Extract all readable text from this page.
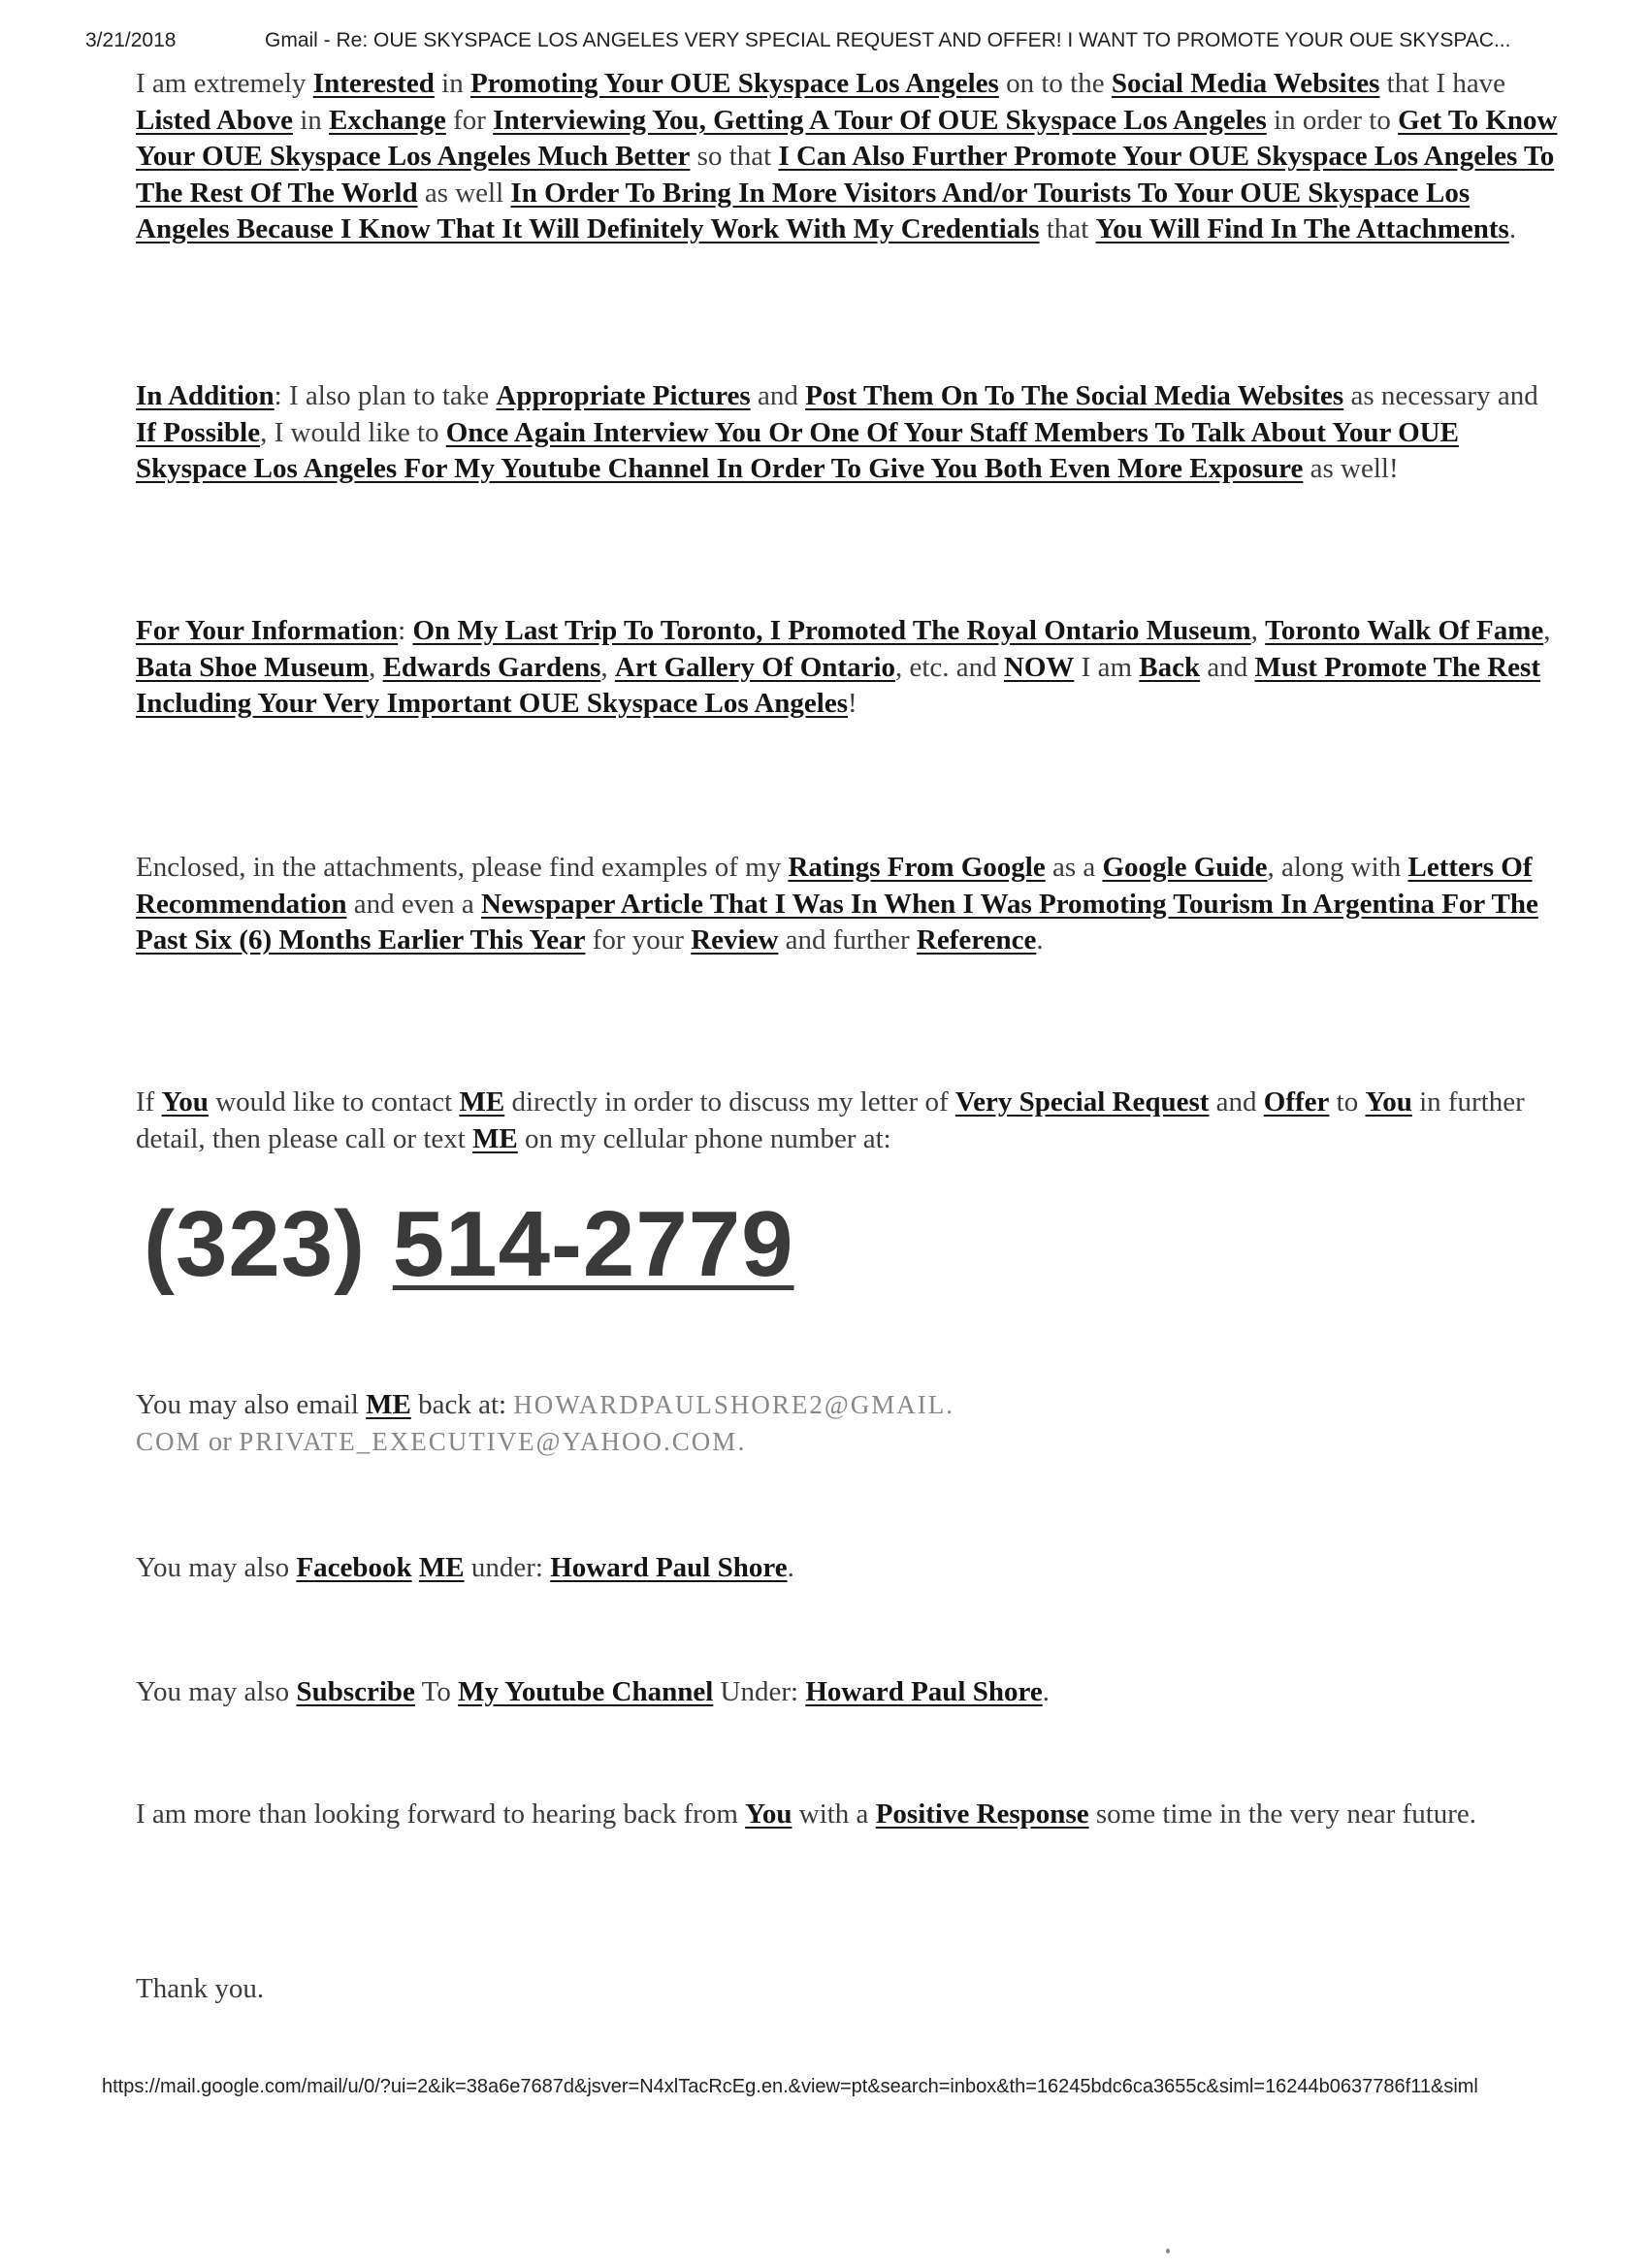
3/21/2018	Gmail - Re: OUE SKYSPACE LOS ANGELES VERY SPECIAL REQUEST AND OFFER! I WANT TO PROMOTE YOUR OUE SKYSPAC...
I am extremely Interested in Promoting Your OUE Skyspace Los Angeles on to the Social Media Websites that I have Listed Above in Exchange for Interviewing You, Getting A Tour Of OUE Skyspace Los Angeles in order to Get To Know Your OUE Skyspace Los Angeles Much Better so that I Can Also Further Promote Your OUE Skyspace Los Angeles To The Rest Of The World as well In Order To Bring In More Visitors And/or Tourists To Your OUE Skyspace Los Angeles Because I Know That It Will Definitely Work With My Credentials that You Will Find In The Attachments.
In Addition: I also plan to take Appropriate Pictures and Post Them On To The Social Media Websites as necessary and If Possible, I would like to Once Again Interview You Or One Of Your Staff Members To Talk About Your OUE Skyspace Los Angeles For My Youtube Channel In Order To Give You Both Even More Exposure as well!
For Your Information: On My Last Trip To Toronto, I Promoted The Royal Ontario Museum, Toronto Walk Of Fame, Bata Shoe Museum, Edwards Gardens, Art Gallery Of Ontario, etc. and NOW I am Back and Must Promote The Rest Including Your Very Important OUE Skyspace Los Angeles!
Enclosed, in the attachments, please find examples of my Ratings From Google as a Google Guide, along with Letters Of Recommendation and even a Newspaper Article That I Was In When I Was Promoting Tourism In Argentina For The Past Six (6) Months Earlier This Year for your Review and further Reference.
If You would like to contact ME directly in order to discuss my letter of Very Special Request and Offer to You in further detail, then please call or text ME on my cellular phone number at:
(323) 514-2779
You may also email ME back at: HOWARDPAULSHORE2@GMAIL.
COM or PRIVATE_EXECUTIVE@YAHOO.COM.
You may also Facebook ME under: Howard Paul Shore.
You may also Subscribe To My Youtube Channel Under: Howard Paul Shore.
I am more than looking forward to hearing back from You with a Positive Response some time in the very near future.
Thank you.
https://mail.google.com/mail/u/0/?ui=2&ik=38a6e7687d&jsver=N4xlTacRcEg.en.&view=pt&search=inbox&th=16245bdc6ca3655c&siml=16244b0637786f11&siml
